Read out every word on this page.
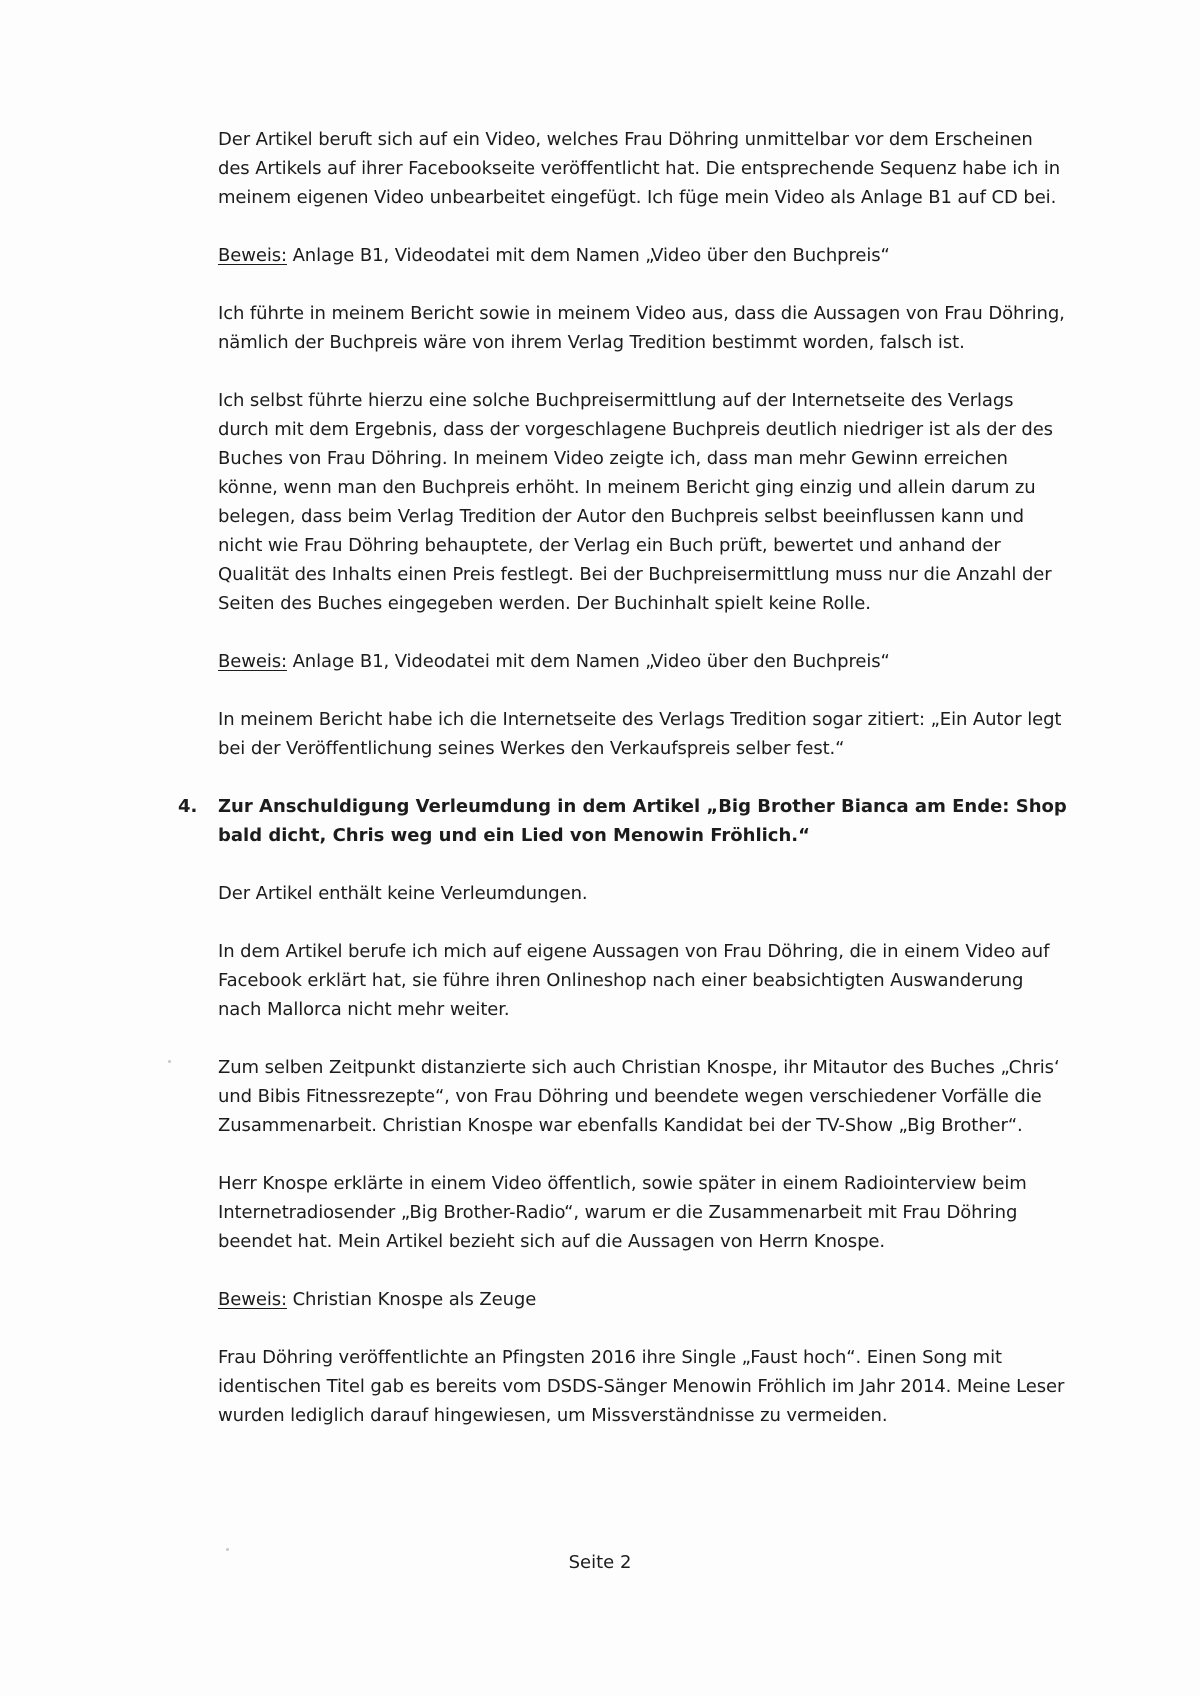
Der Artikel beruft sich auf ein Video, welches Frau Döhring unmittelbar vor dem Erscheinen des Artikels auf ihrer Facebookseite veröffentlicht hat. Die entsprechende Sequenz habe ich in meinem eigenen Video unbearbeitet eingefügt. Ich füge mein Video als Anlage B1 auf CD bei.

Beweis: Anlage B1, Videodatei mit dem Namen „Video über den Buchpreis“

Ich führte in meinem Bericht sowie in meinem Video aus, dass die Aussagen von Frau Döhring, nämlich der Buchpreis wäre von ihrem Verlag Tredition bestimmt worden, falsch ist.

Ich selbst führte hierzu eine solche Buchpreisermittlung auf der Internetseite des Verlags durch mit dem Ergebnis, dass der vorgeschlagene Buchpreis deutlich niedriger ist als der des Buches von Frau Döhring. In meinem Video zeigte ich, dass man mehr Gewinn erreichen könne, wenn man den Buchpreis erhöht. In meinem Bericht ging einzig und allein darum zu belegen, dass beim Verlag Tredition der Autor den Buchpreis selbst beeinflussen kann und nicht wie Frau Döhring behauptete, der Verlag ein Buch prüft, bewertet und anhand der Qualität des Inhalts einen Preis festlegt. Bei der Buchpreisermittlung muss nur die Anzahl der Seiten des Buches eingegeben werden. Der Buchinhalt spielt keine Rolle.

Beweis: Anlage B1, Videodatei mit dem Namen „Video über den Buchpreis“

In meinem Bericht habe ich die Internetseite des Verlags Tredition sogar zitiert: „Ein Autor legt bei der Veröffentlichung seines Werkes den Verkaufspreis selber fest.“

4. Zur Anschuldigung Verleumdung in dem Artikel „Big Brother Bianca am Ende: Shop bald dicht, Chris weg und ein Lied von Menowin Fröhlich.“

Der Artikel enthält keine Verleumdungen.

In dem Artikel berufe ich mich auf eigene Aussagen von Frau Döhring, die in einem Video auf Facebook erklärt hat, sie führe ihren Onlineshop nach einer beabsichtigten Auswanderung nach Mallorca nicht mehr weiter.

Zum selben Zeitpunkt distanzierte sich auch Christian Knospe, ihr Mitautor des Buches „Chris‘ und Bibis Fitnessrezepte“, von Frau Döhring und beendete wegen verschiedener Vorfälle die Zusammenarbeit. Christian Knospe war ebenfalls Kandidat bei der TV-Show „Big Brother“.

Herr Knospe erklärte in einem Video öffentlich, sowie später in einem Radiointerview beim Internetradiosender „Big Brother-Radio“, warum er die Zusammenarbeit mit Frau Döhring beendet hat. Mein Artikel bezieht sich auf die Aussagen von Herrn Knospe.

Beweis: Christian Knospe als Zeuge

Frau Döhring veröffentlichte an Pfingsten 2016 ihre Single „Faust hoch“. Einen Song mit identischen Titel gab es bereits vom DSDS-Sänger Menowin Fröhlich im Jahr 2014. Meine Leser wurden lediglich darauf hingewiesen, um Missverständnisse zu vermeiden.

Seite 2
